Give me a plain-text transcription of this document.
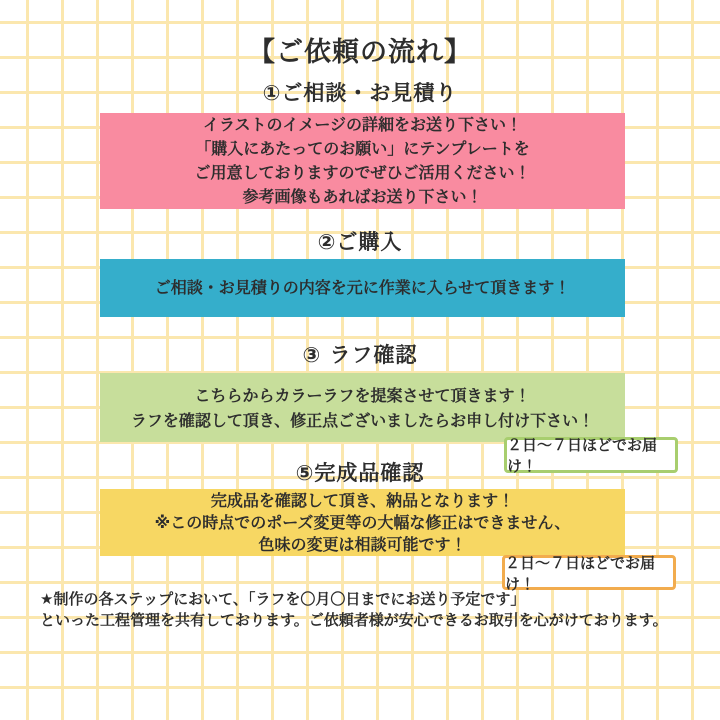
【ご依頼の流れ】
①ご相談・お見積り
イラストのイメージの詳細をお送り下さい！
「購入にあたってのお願い」にテンプレートを
ご用意しておりますのでぜひご活用ください！
参考画像もあればお送り下さい！
②ご購入
ご相談・お見積りの内容を元に作業に入らせて頂きます！
③ ラフ確認
こちらからカラーラフを提案させて頂きます！
ラフを確認して頂き、修正点ございましたらお申し付け下さい！
２日〜７日ほどでお届け！
⑤完成品確認
完成品を確認して頂き、納品となります！
※この時点でのポーズ変更等の大幅な修正はできません、
色味の変更は相談可能です！
２日〜７日ほどでお届け！
★制作の各ステップにおいて、「ラフを〇月〇日までにお送り予定です」
といった工程管理を共有しております。ご依頼者様が安心できるお取引を心がけております。
